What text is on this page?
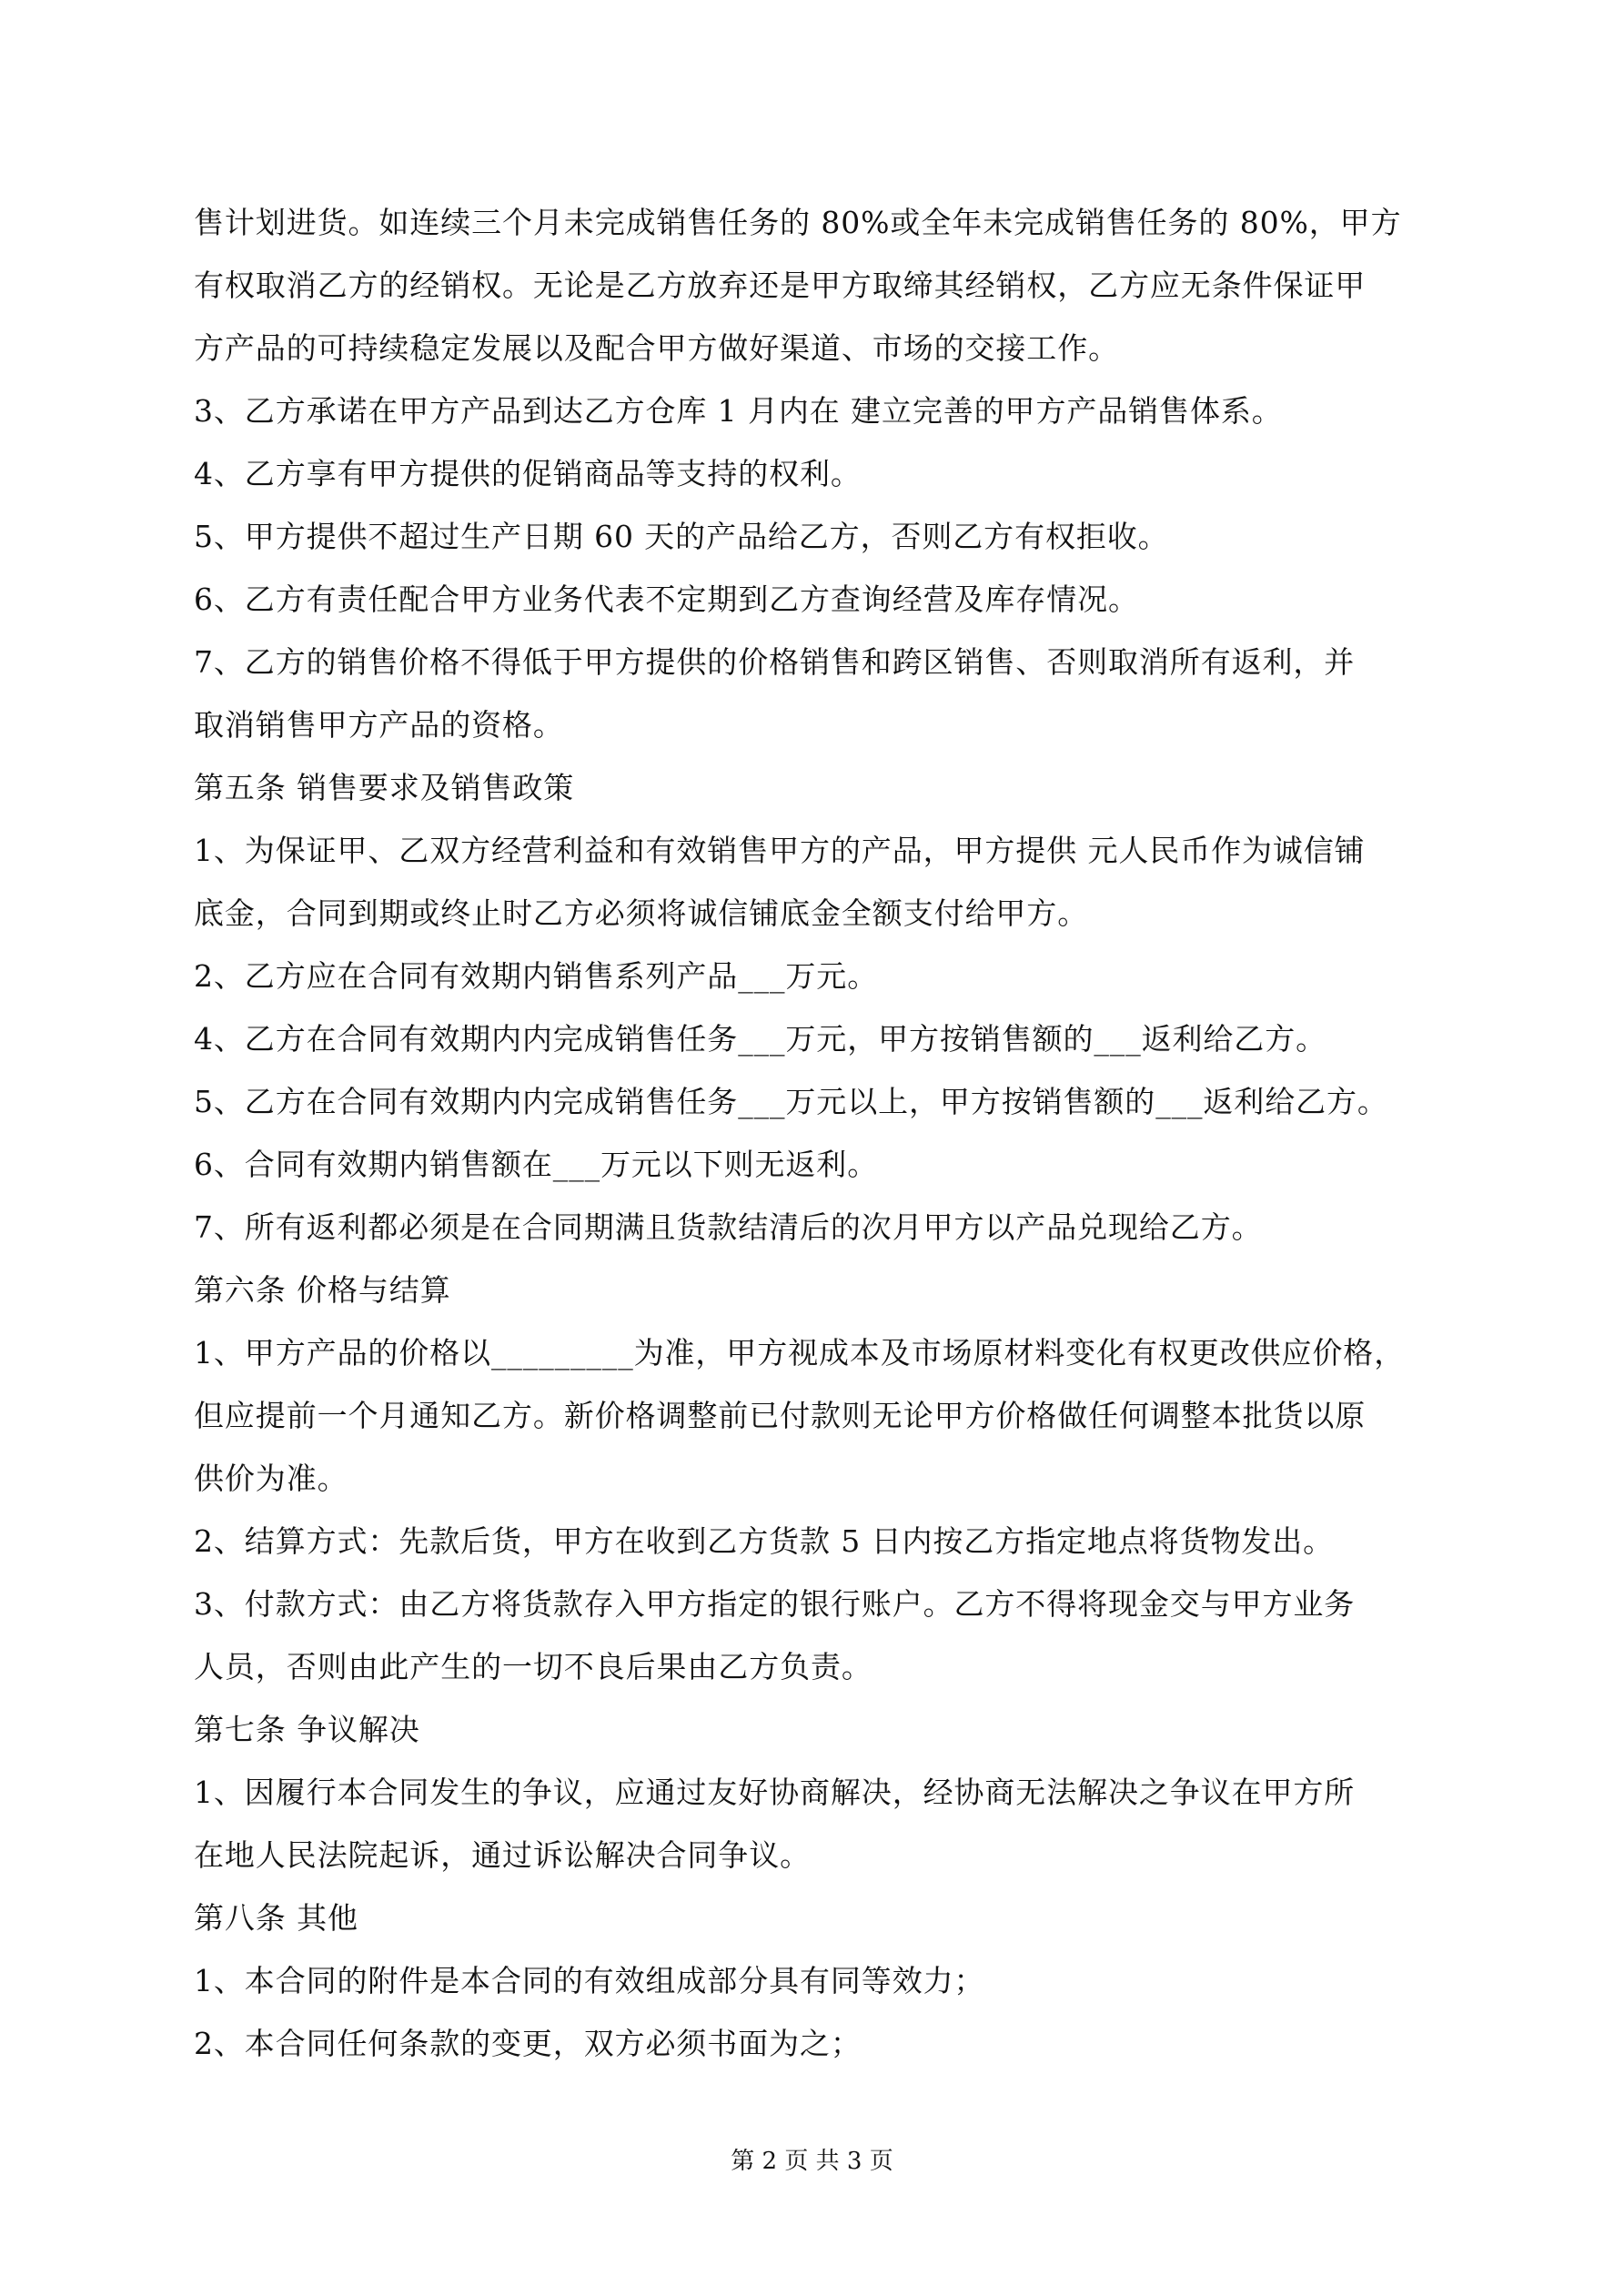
售计划进货。如连续三个月未完成销售任务的 80%或全年未完成销售任务的 80%，甲方
有权取消乙方的经销权。无论是乙方放弃还是甲方取缔其经销权，乙方应无条件保证甲
方产品的可持续稳定发展以及配合甲方做好渠道、市场的交接工作。
3、乙方承诺在甲方产品到达乙方仓库 1 月内在 建立完善的甲方产品销售体系。
4、乙方享有甲方提供的促销商品等支持的权利。
5、甲方提供不超过生产日期 60 天的产品给乙方，否则乙方有权拒收。
6、乙方有责任配合甲方业务代表不定期到乙方查询经营及库存情况。
7、乙方的销售价格不得低于甲方提供的价格销售和跨区销售、否则取消所有返利，并
取消销售甲方产品的资格。
第五条 销售要求及销售政策
1、为保证甲、乙双方经营利益和有效销售甲方的产品，甲方提供 元人民币作为诚信铺
底金，合同到期或终止时乙方必须将诚信铺底金全额支付给甲方。
2、乙方应在合同有效期内销售系列产品___万元。
4、乙方在合同有效期内内完成销售任务___万元，甲方按销售额的___返利给乙方。
5、乙方在合同有效期内内完成销售任务___万元以上，甲方按销售额的___返利给乙方。
6、合同有效期内销售额在___万元以下则无返利。
7、所有返利都必须是在合同期满且货款结清后的次月甲方以产品兑现给乙方。
第六条 价格与结算
1、甲方产品的价格以_________为准，甲方视成本及市场原材料变化有权更改供应价格，
但应提前一个月通知乙方。新价格调整前已付款则无论甲方价格做任何调整本批货以原
供价为准。
2、结算方式：先款后货，甲方在收到乙方货款 5 日内按乙方指定地点将货物发出。
3、付款方式：由乙方将货款存入甲方指定的银行账户。乙方不得将现金交与甲方业务
人员，否则由此产生的一切不良后果由乙方负责。
第七条 争议解决
1、因履行本合同发生的争议，应通过友好协商解决，经协商无法解决之争议在甲方所
在地人民法院起诉，通过诉讼解决合同争议。
第八条 其他
1、本合同的附件是本合同的有效组成部分具有同等效力；
2、本合同任何条款的变更，双方必须书面为之；
第 2 页 共 3 页
